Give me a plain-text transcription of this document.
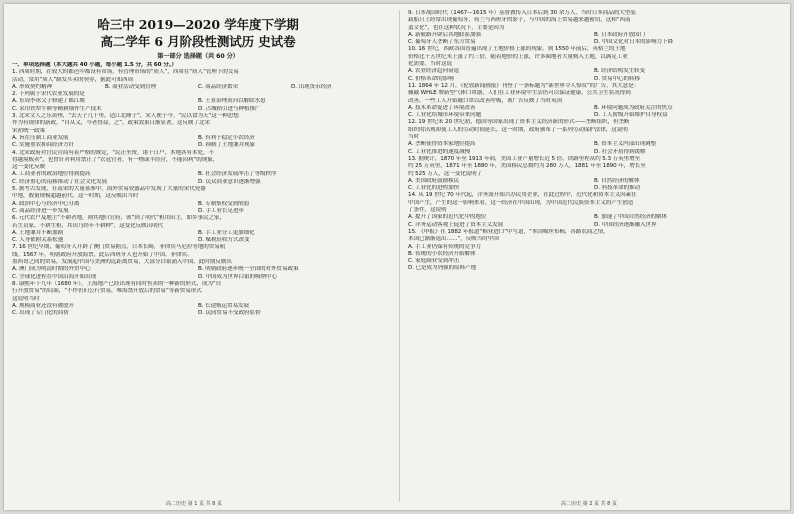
哈三中 2019—2020 学年度下学期
高二学年 6 月阶段性测试历 史试卷
第一部分 选择题（共 60 分）
一、单项选择题（本大题共 40 小题，每小题 1.5 分，共 60 分。）
1. 西周时期，在较大的都邑中都设有市场，有管理市场的“质人”，西周在“质人”管理下的交易
活动，常用“质人”制发买卖的契券，据此可知西周
A. 形成契约精神	B. 商业活动受到管理	C. 商品经济繁荣	D. 出现货币经济
2. 下列属于宋代农业发展的是
A. 东周李冰父子修建了都江堰	B. 王景治理黄河以解除水患
C. 采用铁犁牛耕等精耕细作生产技术	D. 占城稻引进与种植推广
3. 北宋文人之乐黄州，“去天子几千里，适江北陲子”，宋人便于今。“民以食为天”这一种思想
作为有规律的新政，“自从义，今者得益，之”，政策效果日渐显著。这反映了北宋
宋初统一政策
A. 旨在压制工商业发展	B. 有利于稳定小农经济
C. 实施重农抑商经济方针	D. 抑制了土地兼并现象
4. 北宋政府对官民营商有着严格的规定，“民止坐贾，诸于日户，本地各有本处，不
得越境贩卖”，也曾针对利用禁止了“衣冠官者，有一物或半经营，不能因利”的现象，
这一变化反映
A. 工商业者的政治地位得到提高	B. 社会经济发展冲击了等级秩序
C. 经济重心的南移推动了社会文化发展	D. 民众商业意识逐渐增强
5. 据考古发现，在南宋的大量墓葬中，海外贸易瓷器品中发现了大量的宋代瓷器
中地，数量规模超越前代。这一时期，这反映出当时
A. 政治中心与经济中心分离	B. 专制集权受到削弱
C. 商品经济进一步发展	D. 手工业长足进步
6. 元代农户及地主“不耕者地，则其地归官府，领”到了明代“租用田主，如乡事民之家，
若生员家，不耕生租，其田乃经年不耕种”，这变化反映出明代
A. 土地兼并不断加剧	B. 手工业分工更加细化
C. 人身依附关系松弛	D. 赋税征收方式改变
7. 16 世纪早期，葡萄牙人开辟了澳门贸易据点，日本长崎，菲律宾马尼拉等地的贸易航
线。1567 年，明朝政府开放海禁，此后西班牙人也开始了中国、菲律宾、
墨西哥之间的贸易，发展起中国与美洲的远距离贸易，大部分白银涌入中国。此时期反映出
A. 澳门成为明清时期的外贸中心	B. 明朝政府逐步统一全国的对外贸易政策
C. 全球化进程在中国沿海开始出现	D. 中国成为世界白银的吸纳中心
8. 康熙年十九年（1680 年），上海地产已经出现有同时售卖的一种新的形式，成为“自
行开放贸易”的局面，“不作仍旧公行贸易，唯海禁开放后的贸易”等新贸易形式
这说明当时
A. 规模商业还没有被放开	B. 长途贩运贸易发展
C. 出现了专门化的商帮	D. 民间贸易不受政府监督
9. 日本战国时代（1467—1615 年）基督教传入日本后到 30 余万人，当时日本商品的大型装
载船只上经常出现葡萄牙、荷兰与西班牙的影子，与中国的海上贸易越来越密切，这和“西南
蛮文化”，也在这种状况下，主要是因为
A. 新航路开辟后各地联系加强	B. 日本政府开放国门
C. 葡萄牙人垄断了东方贸易	D. 中国文化对日本的影响力下降
10. 16 世纪，西欧各国普遍出现了土地价格上涨的现象。到 1550 年前后，英格兰的土地
价格比十五世纪末上涨了约三倍，随着地价的上涨，许多圈地者大量购入土地，以满足工业
化需要。当时这说
A. 农业经济趋向衰退	B. 经济结构发生转变
C. 价格革命的影响	D. 贸易中心的转移
11. 1864 年 12 月，《伦敦新闻画报》刊登了一条标题为“新世界令人惊叹”的广告，其大意是：
佩戴 WHLE 牌新型气体口罩器，人们在工业环境中生活仍可以保证健康，公共卫生状况得到
改善，一些工人开始戴口罩以改善呼吸，该广告反映了当时英国
A. 技术革命促进了环境改善	B. 环境问题成为政府关注的焦点
C. 工业化给城市环境带来问题	D. 工人阶级开始维护自身权益
12. 19 世纪末 20 世纪初，德国等国家出现了资本主义经济新的形式——垄断组织，但垄断
组织的出现却使工人的劳动时间延长，这一时期，政府颁布了一系列劳动保护法律，这说明
当时
A. 垄断使得资本家地位提高	B. 资本主义内部出现调整
C. 工业化推进的速度减慢	D. 社会矛盾得到缓解
13. 据统计，1870 年至 1913 年间，美国工业产量增长近 5 倍，铁路里程从约 5.3 万英里增至
约 25 万英里，1871 年至 1880 年，美国移民总数约为 280 万人，1881 年至 1890 年，增长至
约 525 万人，这一变化说明了
A. 美国政府鼓励移民	B. 自然经济的解体
C. 工业化的进程加快	D. 科技革命的推动
14. 从 19 世纪 70 年代起，洋务派开始兴办民用企业，在此过程中，近代化和资本主义因素在
中国产生，产生的这一影响来看，这一经济在中国出现，为中国近代民族资本主义的产生创造
了条件，这说明
A. 提升了国家的近代化中的地位	B. 加速了中国自然经济的解体
C. 洋务运动客观上促进了资本主义发展	D. 中国经济逐渐融入世界
15. 《申报》在 1882 年报道“棉业进口”中写道，“本国棉丝布棉，各路农商之情，
本国已渐渐退出……”，反映当时中国
A. 手工业仍保有传统的竞争力
B. 传统的小农经济开始解体
C. 家庭副业受到冲击
D. 已是成为列强的原料产地
高二历史 第 1 页 共 8 页	高二历史 第 2 页 共 8 页
